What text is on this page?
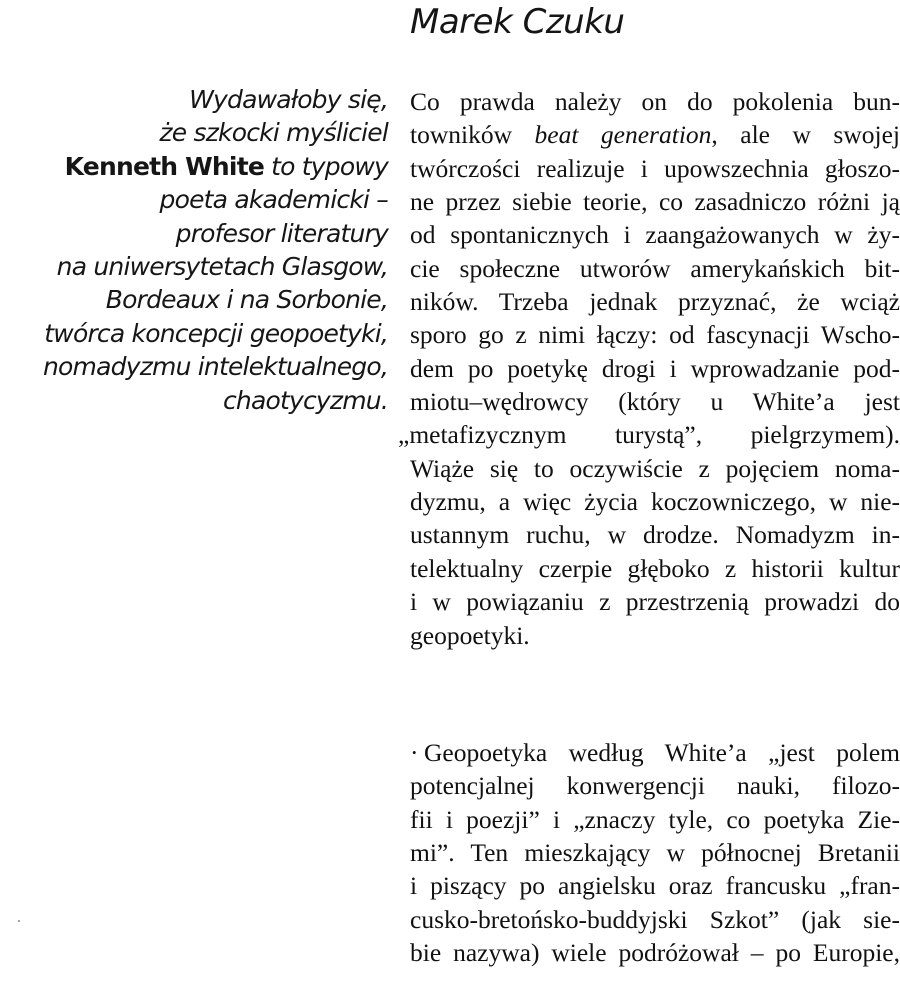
Marek Czuku
Wydawałoby się,
że szkocki myśliciel
Kenneth White to typowy
poeta akademicki –
profesor literatury
na uniwersytetach Glasgow,
Bordeaux i na Sorbonie,
twórca koncepcji geopoetyki,
nomadyzmu intelektualnego,
chaotycyzmu.
Co prawda należy on do pokolenia bun-
towników beat generation, ale w swojej
twórczości realizuje i upowszechnia głoszo-
ne przez siebie teorie, co zasadniczo różni ją
od spontanicznych i zaangażowanych w ży-
cie społeczne utworów amerykańskich bit-
ników. Trzeba jednak przyznać, że wciąż
sporo go z nimi łączy: od fascynacji Wscho-
dem po poetykę drogi i wprowadzanie pod-
miotu–wędrowcy (który u White’a jest
„metafizycznym turystą”, pielgrzymem).
Wiąże się to oczywiście z pojęciem noma-
dyzmu, a więc życia koczowniczego, w nie-
ustannym ruchu, w drodze. Nomadyzm in-
telektualny czerpie głęboko z historii kultur
i w powiązaniu z przestrzenią prowadzi do
geopoetyki.
· Geopoetyka według White’a „jest polem
potencjalnej konwergencji nauki, filozo-
fii i poezji” i „znaczy tyle, co poetyka Zie-
mi”. Ten mieszkający w północnej Bretanii
i piszący po angielsku oraz francusku „fran-
cusko-bretońsko-buddyjski Szkot” (jak sie-
bie nazywa) wiele podróżował – po Europie,
